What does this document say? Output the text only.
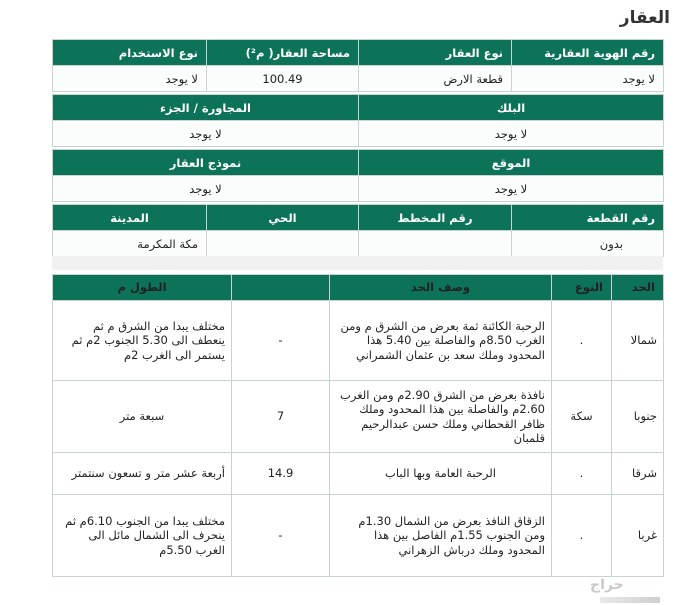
العقار
رقم الهوية العقارية	نوع العقار	مساحة العقار( م²)	نوع الاستخدام
لا يوجد	قطعة الارض	100.49	لا يوجد
البلك	المجاورة / الجزء
لا يوجد	لا يوجد
الموقع	نموذج العقار
لا يوجد	لا يوجد
رقم القطعة	رقم المخطط	الحي	المدينة
بدون			مكة المكرمة
الحد	النوع	وصف الحد		الطول م
شمالا	.	الرحبة الكائنة ثمة بعرض من الشرق م ومن الغرب 8.50م والفاصلة بين 5.40 هذا المحدود وملك سعد بن عثمان الشمراني	-	مختلف يبدا من الشرق م ثم ينعطف الى 5.30 الجنوب 2م ثم يستمر الى الغرب 2م
جنوبا	سكة	نافذة بعرض من الشرق 2.90م ومن الغرب 2.60م والفاصلة بين هذا المحدود وملك ظافر القحطاني وملك حسن عبدالرحيم قلمبان	7	سبعة متر
شرقا	.	الرحبة العامة وبها الباب	14.9	أربعة عشر متر و تسعون سنتمتر
غربا	.	الزقاق النافذ بعرض من الشمال 1.30م ومن الجنوب 1.55م الفاصل بين هذا المحدود وملك درباش الزهراني	-	مختلف يبدا من الجنوب 6.10م ثم ينحرف الى الشمال مائل الى الغرب 5.50م
حراج
